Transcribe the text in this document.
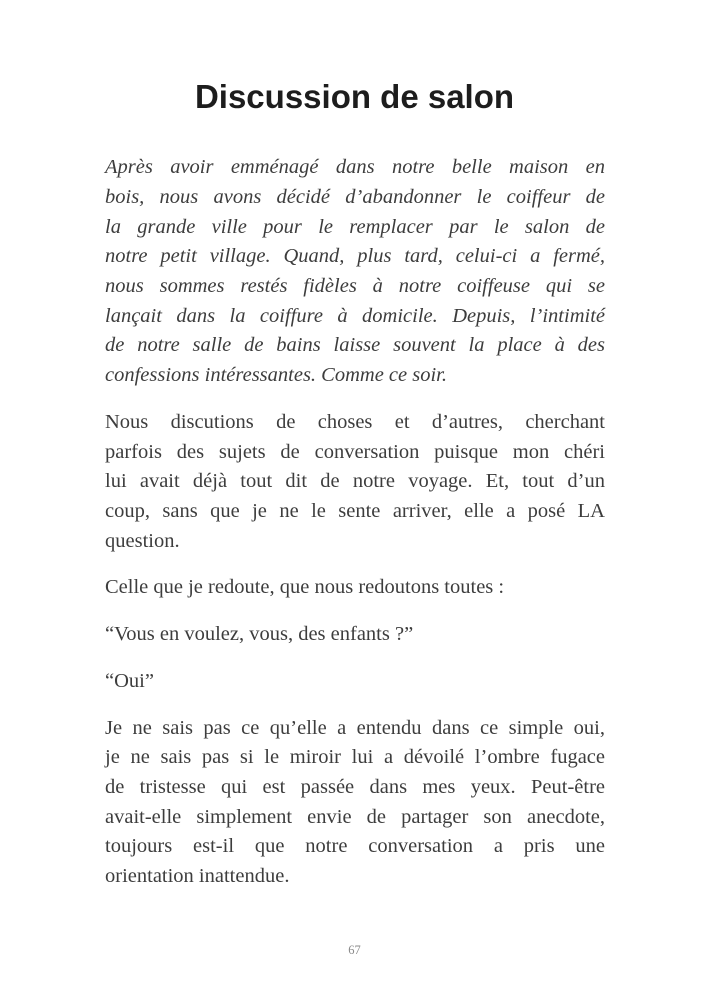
Discussion de salon
Après avoir emménagé dans notre belle maison en
bois, nous avons décidé d’abandonner le coiffeur de
la grande ville pour le remplacer par le salon de
notre petit village. Quand, plus tard, celui-ci a fermé,
nous sommes restés fidèles à notre coiffeuse qui se
lançait dans la coiffure à domicile. Depuis, l’intimité
de notre salle de bains laisse souvent la place à des
confessions intéressantes. Comme ce soir.
Nous discutions de choses et d’autres, cherchant
parfois des sujets de conversation puisque mon chéri
lui avait déjà tout dit de notre voyage. Et, tout d’un
coup, sans que je ne le sente arriver, elle a posé LA
question.
Celle que je redoute, que nous redoutons toutes :
“Vous en voulez, vous, des enfants ?”
“Oui”
Je ne sais pas ce qu’elle a entendu dans ce simple oui,
je ne sais pas si le miroir lui a dévoilé l’ombre fugace
de tristesse qui est passée dans mes yeux. Peut-être
avait-elle simplement envie de partager son anecdote,
toujours est-il que notre conversation a pris une
orientation inattendue.
67
